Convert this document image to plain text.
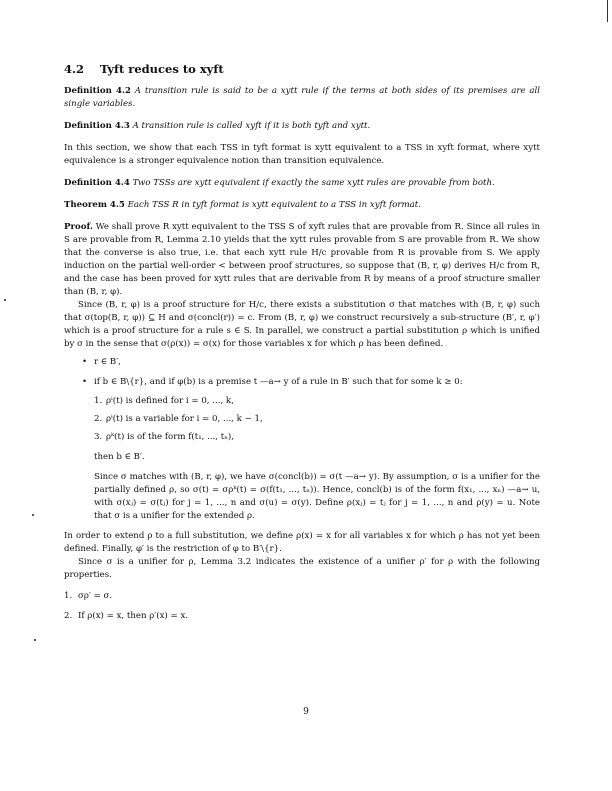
4.2 Tyft reduces to xyft

Definition 4.2 A transition rule is said to be a xytt rule if the terms at both sides of its premises are all single variables.

Definition 4.3 A transition rule is called xyft if it is both tyft and xytt.

In this section, we show that each TSS in tyft format is xytt equivalent to a TSS in xyft format, where xytt equivalence is a stronger equivalence notion than transition equivalence.

Definition 4.4 Two TSSs are xytt equivalent if exactly the same xytt rules are provable from both.

Theorem 4.5 Each TSS R in tyft format is xytt equivalent to a TSS in xyft format.

Proof. We shall prove R xytt equivalent to the TSS S of xyft rules that are provable from R. Since all rules in S are provable from R, Lemma 2.10 yields that the xytt rules provable from S are provable from R. We show that the converse is also true, i.e. that each xytt rule H/c provable from R is provable from S. We apply induction on the partial well-order < between proof structures, so suppose that (B, r, φ) derives H/c from R, and the case has been proved for xytt rules that are derivable from R by means of a proof structure smaller than (B, r, φ).

Since (B, r, φ) is a proof structure for H/c, there exists a substitution σ that matches with (B, r, φ) such that σ(top(B, r, φ)) ⊆ H and σ(concl(r)) = c. From (B, r, φ) we construct recursively a sub-structure (B′, r, φ′) which is a proof structure for a rule s ∈ S. In parallel, we construct a partial substitution ρ which is unified by σ in the sense that σ(ρ(x)) = σ(x) for those variables x for which ρ has been defined.

• r ∈ B′,
• if b ∈ B\{r}, and if φ(b) is a premise t —a→ y of a rule in B′ such that for some k ≥ 0:
1. ρⁱ(t) is defined for i = 0, ..., k,
2. ρⁱ(t) is a variable for i = 0, ..., k − 1,
3. ρᵏ(t) is of the form f(t₁, ..., tₙ),

then b ∈ B′.

Since σ matches with (B, r, φ), we have σ(concl(b)) = σ(t —a→ y). By assumption, σ is a unifier for the partially defined ρ, so σ(t) = σρᵏ(t) = σ(f(t₁, ..., tₙ)). Hence, concl(b) is of the form f(x₁, ..., xₙ) —a→ u, with σ(xⱼ) = σ(tⱼ) for j = 1, ..., n and σ(u) = σ(y). Define ρ(xⱼ) = tⱼ for j = 1, ..., n and ρ(y) = u. Note that σ is a unifier for the extended ρ.

In order to extend ρ to a full substitution, we define ρ(x) = x for all variables x for which ρ has not yet been defined. Finally, φ′ is the restriction of φ to B′\{r}.

Since σ is a unifier for ρ, Lemma 3.2 indicates the existence of a unifier ρ′ for ρ with the following properties.

1. σρ′ = σ.
2. If ρ(x) = x, then ρ′(x) = x.
9
